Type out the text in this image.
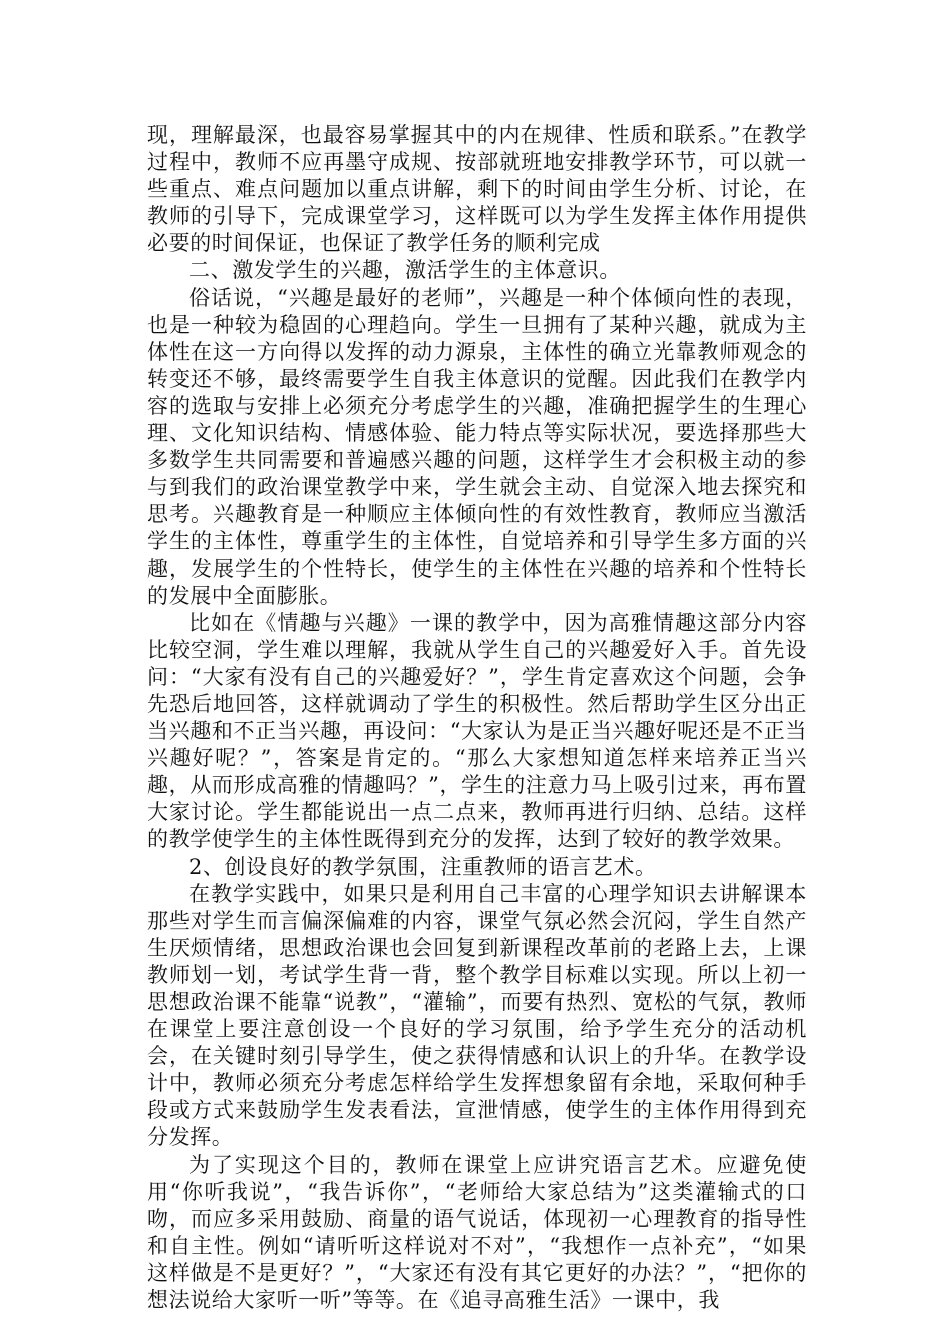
现，理解最深，也最容易掌握其中的内在规律、性质和联系。”在教学过程中，教师不应再墨守成规、按部就班地安排教学环节，可以就一些重点、难点问题加以重点讲解，剩下的时间由学生分析、讨论，在教师的引导下，完成课堂学习，这样既可以为学生发挥主体作用提供必要的时间保证，也保证了教学任务的顺利完成

二、激发学生的兴趣，激活学生的主体意识。

俗话说，“兴趣是最好的老师”，兴趣是一种个体倾向性的表现，也是一种较为稳固的心理趋向。学生一旦拥有了某种兴趣，就成为主体性在这一方向得以发挥的动力源泉，主体性的确立光靠教师观念的转变还不够，最终需要学生自我主体意识的觉醒。因此我们在教学内容的选取与安排上必须充分考虑学生的兴趣，准确把握学生的生理心理、文化知识结构、情感体验、能力特点等实际状况，要选择那些大多数学生共同需要和普遍感兴趣的问题，这样学生才会积极主动的参与到我们的政治课堂教学中来，学生就会主动、自觉深入地去探究和思考。兴趣教育是一种顺应主体倾向性的有效性教育，教师应当激活学生的主体性，尊重学生的主体性，自觉培养和引导学生多方面的兴趣，发展学生的个性特长，使学生的主体性在兴趣的培养和个性特长的发展中全面膨胀。

比如在《情趣与兴趣》一课的教学中，因为高雅情趣这部分内容比较空洞，学生难以理解，我就从学生自己的兴趣爱好入手。首先设问：“大家有没有自己的兴趣爱好？”，学生肯定喜欢这个问题，会争先恐后地回答，这样就调动了学生的积极性。然后帮助学生区分出正当兴趣和不正当兴趣，再设问：“大家认为是正当兴趣好呢还是不正当兴趣好呢？”，答案是肯定的。“那么大家想知道怎样来培养正当兴趣，从而形成高雅的情趣吗？”，学生的注意力马上吸引过来，再布置大家讨论。学生都能说出一点二点来，教师再进行归纳、总结。这样的教学使学生的主体性既得到充分的发挥，达到了较好的教学效果。

2、创设良好的教学氛围，注重教师的语言艺术。

在教学实践中，如果只是利用自己丰富的心理学知识去讲解课本那些对学生而言偏深偏难的内容，课堂气氛必然会沉闷，学生自然产生厌烦情绪，思想政治课也会回复到新课程改革前的老路上去，上课教师划一划，考试学生背一背，整个教学目标难以实现。所以上初一思想政治课不能靠“说教”，“灌输”，而要有热烈、宽松的气氛，教师在课堂上要注意创设一个良好的学习氛围，给予学生充分的活动机会，在关键时刻引导学生，使之获得情感和认识上的升华。在教学设计中，教师必须充分考虑怎样给学生发挥想象留有余地，采取何种手段或方式来鼓励学生发表看法，宣泄情感，使学生的主体作用得到充分发挥。

为了实现这个目的，教师在课堂上应讲究语言艺术。应避免使用“你听我说”，“我告诉你”，“老师给大家总结为”这类灌输式的口吻，而应多采用鼓励、商量的语气说话，体现初一心理教育的指导性和自主性。例如“请听听这样说对不对”，“我想作一点补充”，“如果这样做是不是更好？”，“大家还有没有其它更好的办法？”，“把你的想法说给大家听一听”等等。在《追寻高雅生活》一课中，我
